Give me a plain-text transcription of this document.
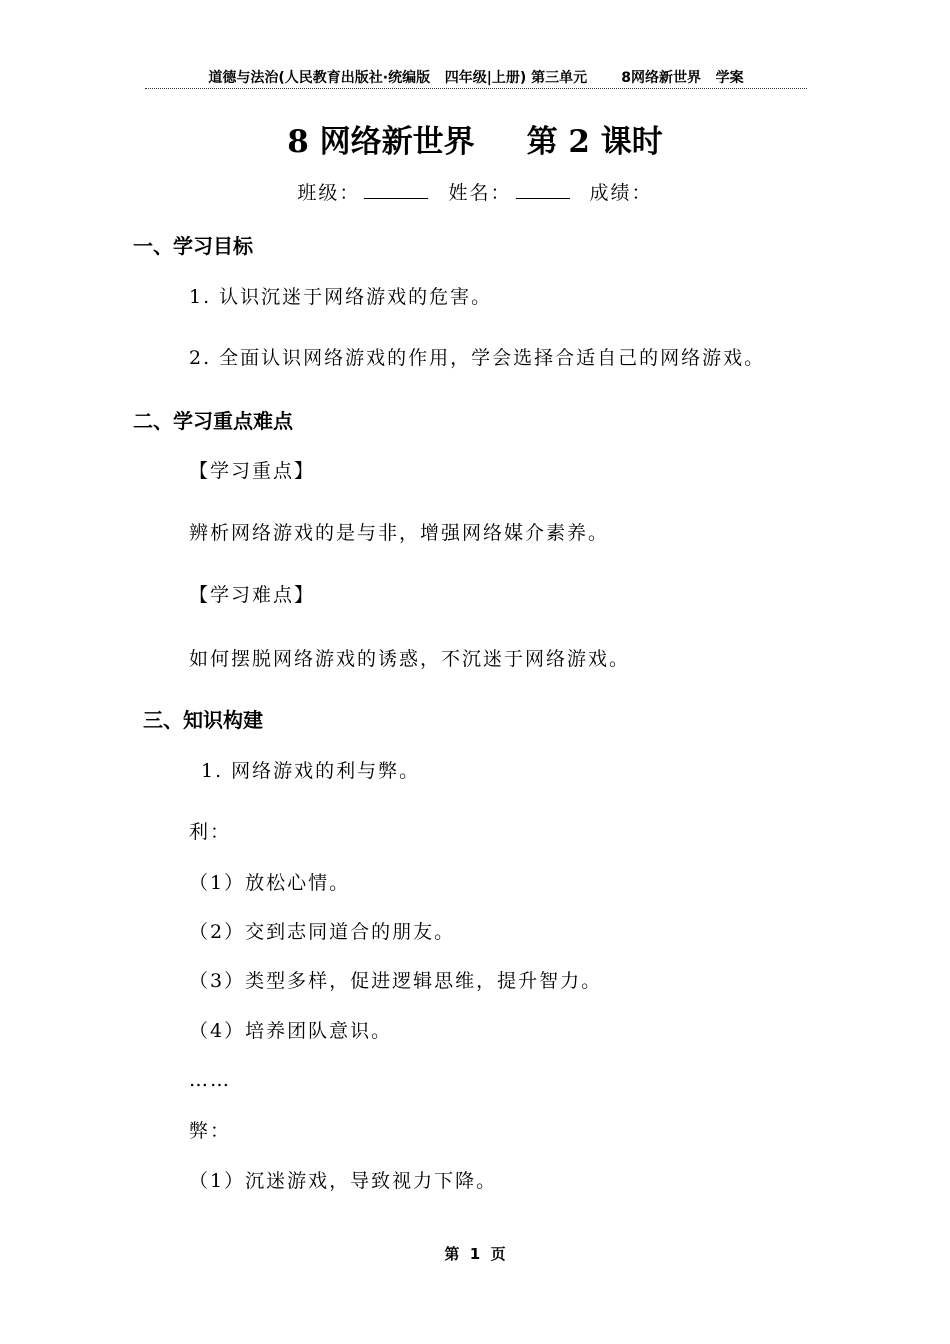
道德与法治(人民教育出版社·统编版   四年级|上册) 第三单元       8网络新世界   学案
8 网络新世界 第 2 课时
班级：	姓名：	成绩：
一、学习目标
1. 认识沉迷于网络游戏的危害。
2. 全面认识网络游戏的作用，学会选择合适自己的网络游戏。
二、学习重点难点
【学习重点】
辨析网络游戏的是与非，增强网络媒介素养。
【学习难点】
如何摆脱网络游戏的诱惑，不沉迷于网络游戏。
三、知识构建
1. 网络游戏的利与弊。
利：
（1）放松心情。
（2）交到志同道合的朋友。
（3）类型多样，促进逻辑思维，提升智力。
（4）培养团队意识。
……
弊：
（1）沉迷游戏，导致视力下降。
第  1  页
